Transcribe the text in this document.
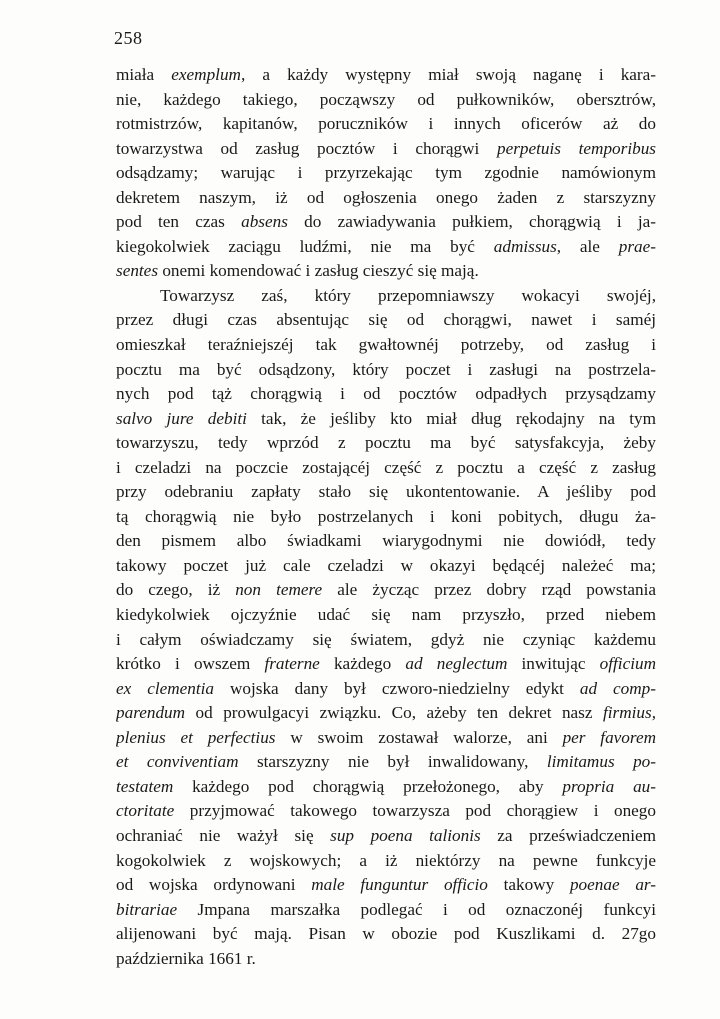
258
miała exemplum, a każdy występny miał swoją naganę i kara-
nie, każdego takiego, począwszy od pułkowników, obersztrów,
rotmistrzów, kapitanów, poruczników i innych oficerów aż do
towarzystwa od zasług pocztów i chorągwi perpetuis temporibus
odsądzamy; warując i przyrzekając tym zgodnie namówionym
dekretem naszym, iż od ogłoszenia onego żaden z starszyzny
pod ten czas absens do zawiadywania pułkiem, chorągwią i ja-
kiegokolwiek zaciągu ludźmi, nie ma być admissus, ale prae-
sentes onemi komendować i zasług cieszyć się mają.
Towarzysz zaś, który przepomniawszy wokacyi swojéj,
przez długi czas absentując się od chorągwi, nawet i saméj
omieszkał teraźniejszéj tak gwałtownéj potrzeby, od zasług i
pocztu ma być odsądzony, który poczet i zasługi na postrzela-
nych pod tąż chorągwią i od pocztów odpadłych przysądzamy
salvo jure debiti tak, że jeśliby kto miał dług rękodajny na tym
towarzyszu, tedy wprzód z pocztu ma być satysfakcyja, żeby
i czeladzi na poczcie zostającéj część z pocztu a część z zasług
przy odebraniu zapłaty stało się ukontentowanie. A jeśliby pod
tą chorągwią nie było postrzelanych i koni pobitych, długu ża-
den pismem albo świadkami wiarygodnymi nie dowiódł, tedy
takowy poczet już cale czeladzi w okazyi będącéj należeć ma;
do czego, iż non temere ale życząc przez dobry rząd powstania
kiedykolwiek ojczyźnie udać się nam przyszło, przed niebem
i całym oświadczamy się światem, gdyż nie czyniąc każdemu
krótko i owszem fraterne każdego ad neglectum inwitując officium
ex clementia wojska dany był czworo-niedzielny edykt ad comp-
parendum od prowulgacyi związku. Co, ażeby ten dekret nasz firmius,
plenius et perfectius w swoim zostawał walorze, ani per favorem
et conviventiam starszyzny nie był inwalidowany, limitamus po-
testatem każdego pod chorągwią przełożonego, aby propria au-
ctoritate przyjmować takowego towarzysza pod chorągiew i onego
ochraniać nie ważył się sup poena talionis za przeświadczeniem
kogokolwiek z wojskowych; a iż niektórzy na pewne funkcyje
od wojska ordynowani male funguntur officio takowy poenae ar-
bitrariae Jmpana marszałka podlegać i od oznaczonéj funkcyi
alijenowani być mają. Pisan w obozie pod Kuszlikami d. 27go
października 1661 r.
